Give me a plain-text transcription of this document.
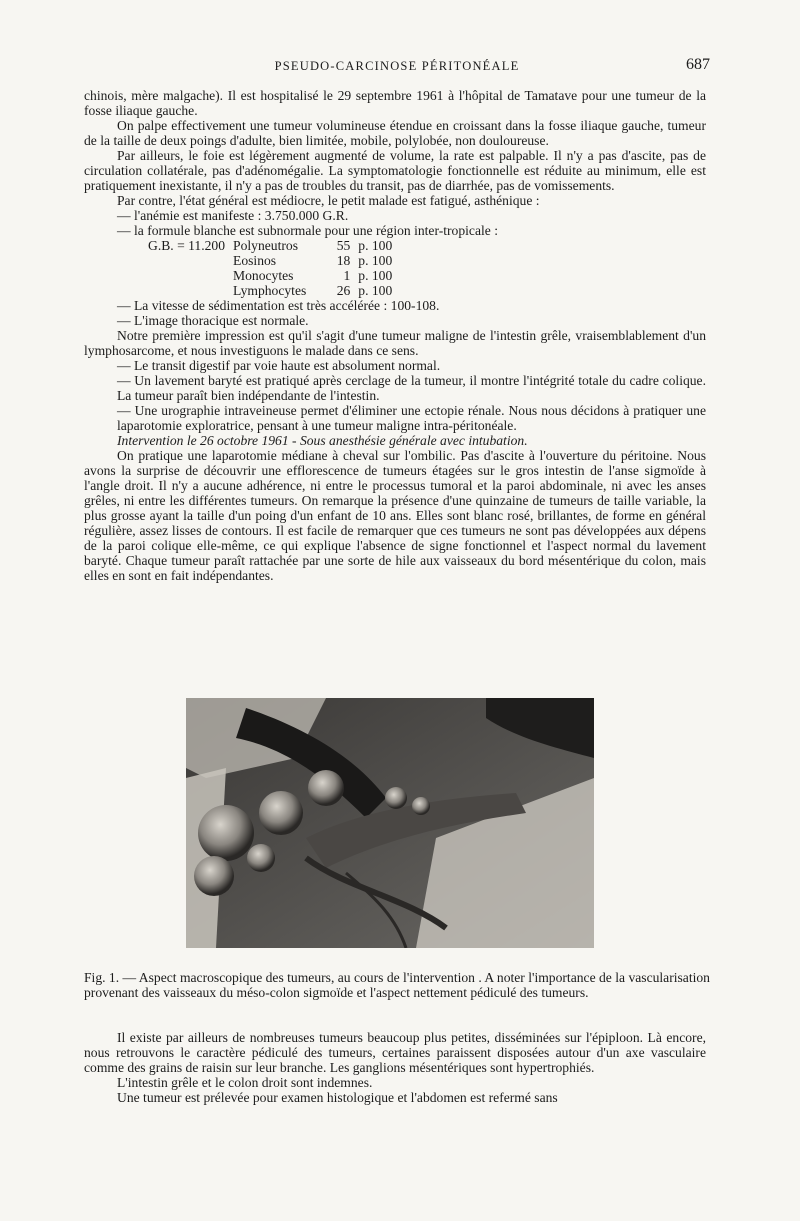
PSEUDO-CARCINOSE PÉRITONÉALE	687

chinois, mère malgache). Il est hospitalisé le 29 septembre 1961 à l'hôpital de Tamatave pour une tumeur de la fosse iliaque gauche.

On palpe effectivement une tumeur volumineuse étendue en croissant dans la fosse iliaque gauche, tumeur de la taille de deux poings d'adulte, bien limitée, mobile, polylobée, non douloureuse.

Par ailleurs, le foie est légèrement augmenté de volume, la rate est palpable. Il n'y a pas d'ascite, pas de circulation collatérale, pas d'adénomégalie. La symptomatologie fonctionnelle est réduite au minimum, elle est pratiquement inexistante, il n'y a pas de troubles du transit, pas de diarrhée, pas de vomissements.

Par contre, l'état général est médiocre, le petit malade est fatigué, asthénique :

— l'anémie est manifeste : 3.750.000 G.R.

— la formule blanche est subnormale pour une région inter-tropicale :

G.B. = 11.200	Polyneutros	55	p. 100
	Eosinos	18	p. 100
	Monocytes	1	p. 100
	Lymphocytes	26	p. 100

— La vitesse de sédimentation est très accélérée : 100-108.

— L'image thoracique est normale.

Notre première impression est qu'il s'agit d'une tumeur maligne de l'intestin grêle, vraisemblablement d'un lymphosarcome, et nous investiguons le malade dans ce sens.

— Le transit digestif par voie haute est absolument normal.

— Un lavement baryté est pratiqué après cerclage de la tumeur, il montre l'intégrité totale du cadre colique. La tumeur paraît bien indépendante de l'intestin.

— Une urographie intraveineuse permet d'éliminer une ectopie rénale. Nous nous décidons à pratiquer une laparotomie exploratrice, pensant à une tumeur maligne intra-péritonéale.

Intervention le 26 octobre 1961 - Sous anesthésie générale avec intubation.

On pratique une laparotomie médiane à cheval sur l'ombilic. Pas d'ascite à l'ouverture du péritoine. Nous avons la surprise de découvrir une efflorescence de tumeurs étagées sur le gros intestin de l'anse sigmoïde à l'angle droit. Il n'y a aucune adhérence, ni entre le processus tumoral et la paroi abdominale, ni avec les anses grêles, ni entre les différentes tumeurs. On remarque la présence d'une quinzaine de tumeurs de taille variable, la plus grosse ayant la taille d'un poing d'un enfant de 10 ans. Elles sont blanc rosé, brillantes, de forme en général régulière, assez lisses de contours. Il est facile de remarquer que ces tumeurs ne sont pas développées aux dépens de la paroi colique elle-même, ce qui explique l'absence de signe fonctionnel et l'aspect normal du lavement baryté. Chaque tumeur paraît rattachée par une sorte de hile aux vaisseaux du bord mésentérique du colon, mais elles en sont en fait indépendantes.

Fig. 1. — Aspect macroscopique des tumeurs, au cours de l'intervention . A noter l'importance de la vascularisation provenant des vaisseaux du méso-colon sigmoïde et l'aspect nettement pédiculé des tumeurs.

Il existe par ailleurs de nombreuses tumeurs beaucoup plus petites, disséminées sur l'épiploon. Là encore, nous retrouvons le caractère pédiculé des tumeurs, certaines paraissent disposées autour d'un axe vasculaire comme des grains de raisin sur leur branche. Les ganglions mésentériques sont hypertrophiés.

L'intestin grêle et le colon droit sont indemnes.

Une tumeur est prélevée pour examen histologique et l'abdomen est refermé sans
